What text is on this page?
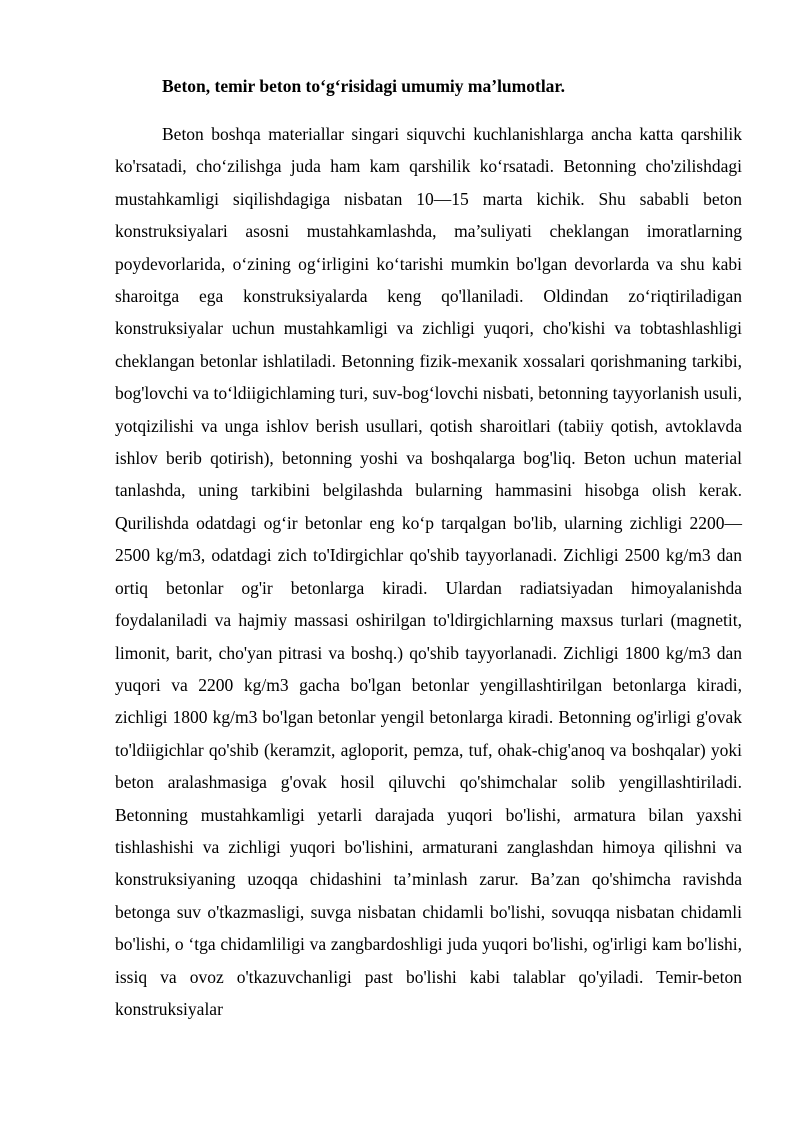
Beton, temir beton to‘g‘risidagi umumiy ma’lumotlar.

Beton boshqa materiallar singari siquvchi kuchlanishlarga ancha katta qarshilik ko'rsatadi, cho‘zilishga juda ham kam qarshilik ko‘rsatadi. Betonning cho'zilishdagi mustahkamligi siqilishdagiga nisbatan 10—15 marta kichik. Shu sababli beton konstruksiyalari asosni mustahkamlashda, ma’suliyati cheklangan imoratlarning poydevorlarida, o‘zining og‘irligini ko‘tarishi mumkin bo'lgan devorlarda va shu kabi sharoitga ega konstruksiyalarda keng qo'llaniladi. Oldindan zo‘riqtiriladigan konstruksiyalar uchun mustahkamligi va zichligi yuqori, cho'kishi va tobtashlashligi cheklangan betonlar ishlatiladi. Betonning fizik-mexanik xossalari qorishmaning tarkibi, bog'lovchi va to‘ldiigichlaming turi, suv-bog‘lovchi nisbati, betonning tayyorlanish usuli, yotqizilishi va unga ishlov berish usullari, qotish sharoitlari (tabiiy qotish, avtoklavda ishlov berib qotirish), betonning yoshi va boshqalarga bog'liq. Beton uchun material tanlashda, uning tarkibini belgilashda bularning hammasini hisobga olish kerak. Qurilishda odatdagi og‘ir betonlar eng ko‘p tarqalgan bo'lib, ularning zichligi 2200—2500 kg/m3, odatdagi zich to'Idirgichlar qo'shib tayyorlanadi. Zichligi 2500 kg/m3 dan ortiq betonlar og'ir betonlarga kiradi. Ulardan radiatsiyadan himoyalanishda foydalaniladi va hajmiy massasi oshirilgan to'ldirgichlarning maxsus turlari (magnetit, limonit, barit, cho'yan pitrasi va boshq.) qo'shib tayyorlanadi. Zichligi 1800 kg/m3 dan yuqori va 2200 kg/m3 gacha bo'lgan betonlar yengillashtirilgan betonlarga kiradi, zichligi 1800 kg/m3 bo'lgan betonlar yengil betonlarga kiradi. Betonning og'irligi g'ovak to'ldiigichlar qo'shib (keramzit, agloporit, pemza, tuf, ohak-chig'anoq va boshqalar) yoki beton aralashmasiga g'ovak hosil qiluvchi qo'shimchalar solib yengillashtiriladi. Betonning mustahkamligi yetarli darajada yuqori bo'lishi, armatura bilan yaxshi tishlashishi va zichligi yuqori bo'lishini, armaturani zanglashdan himoya qilishni va konstruksiyaning uzoqqa chidashini ta’minlash zarur. Ba’zan qo'shimcha ravishda betonga suv o'tkazmasligi, suvga nisbatan chidamli bo'lishi, sovuqqa nisbatan chidamli bo'lishi, o ‘tga chidamliligi va zangbardoshligi juda yuqori bo'lishi, og'irligi kam bo'lishi, issiq va ovoz o'tkazuvchanligi past bo'lishi kabi talablar qo'yiladi. Temir-beton konstruksiyalar
